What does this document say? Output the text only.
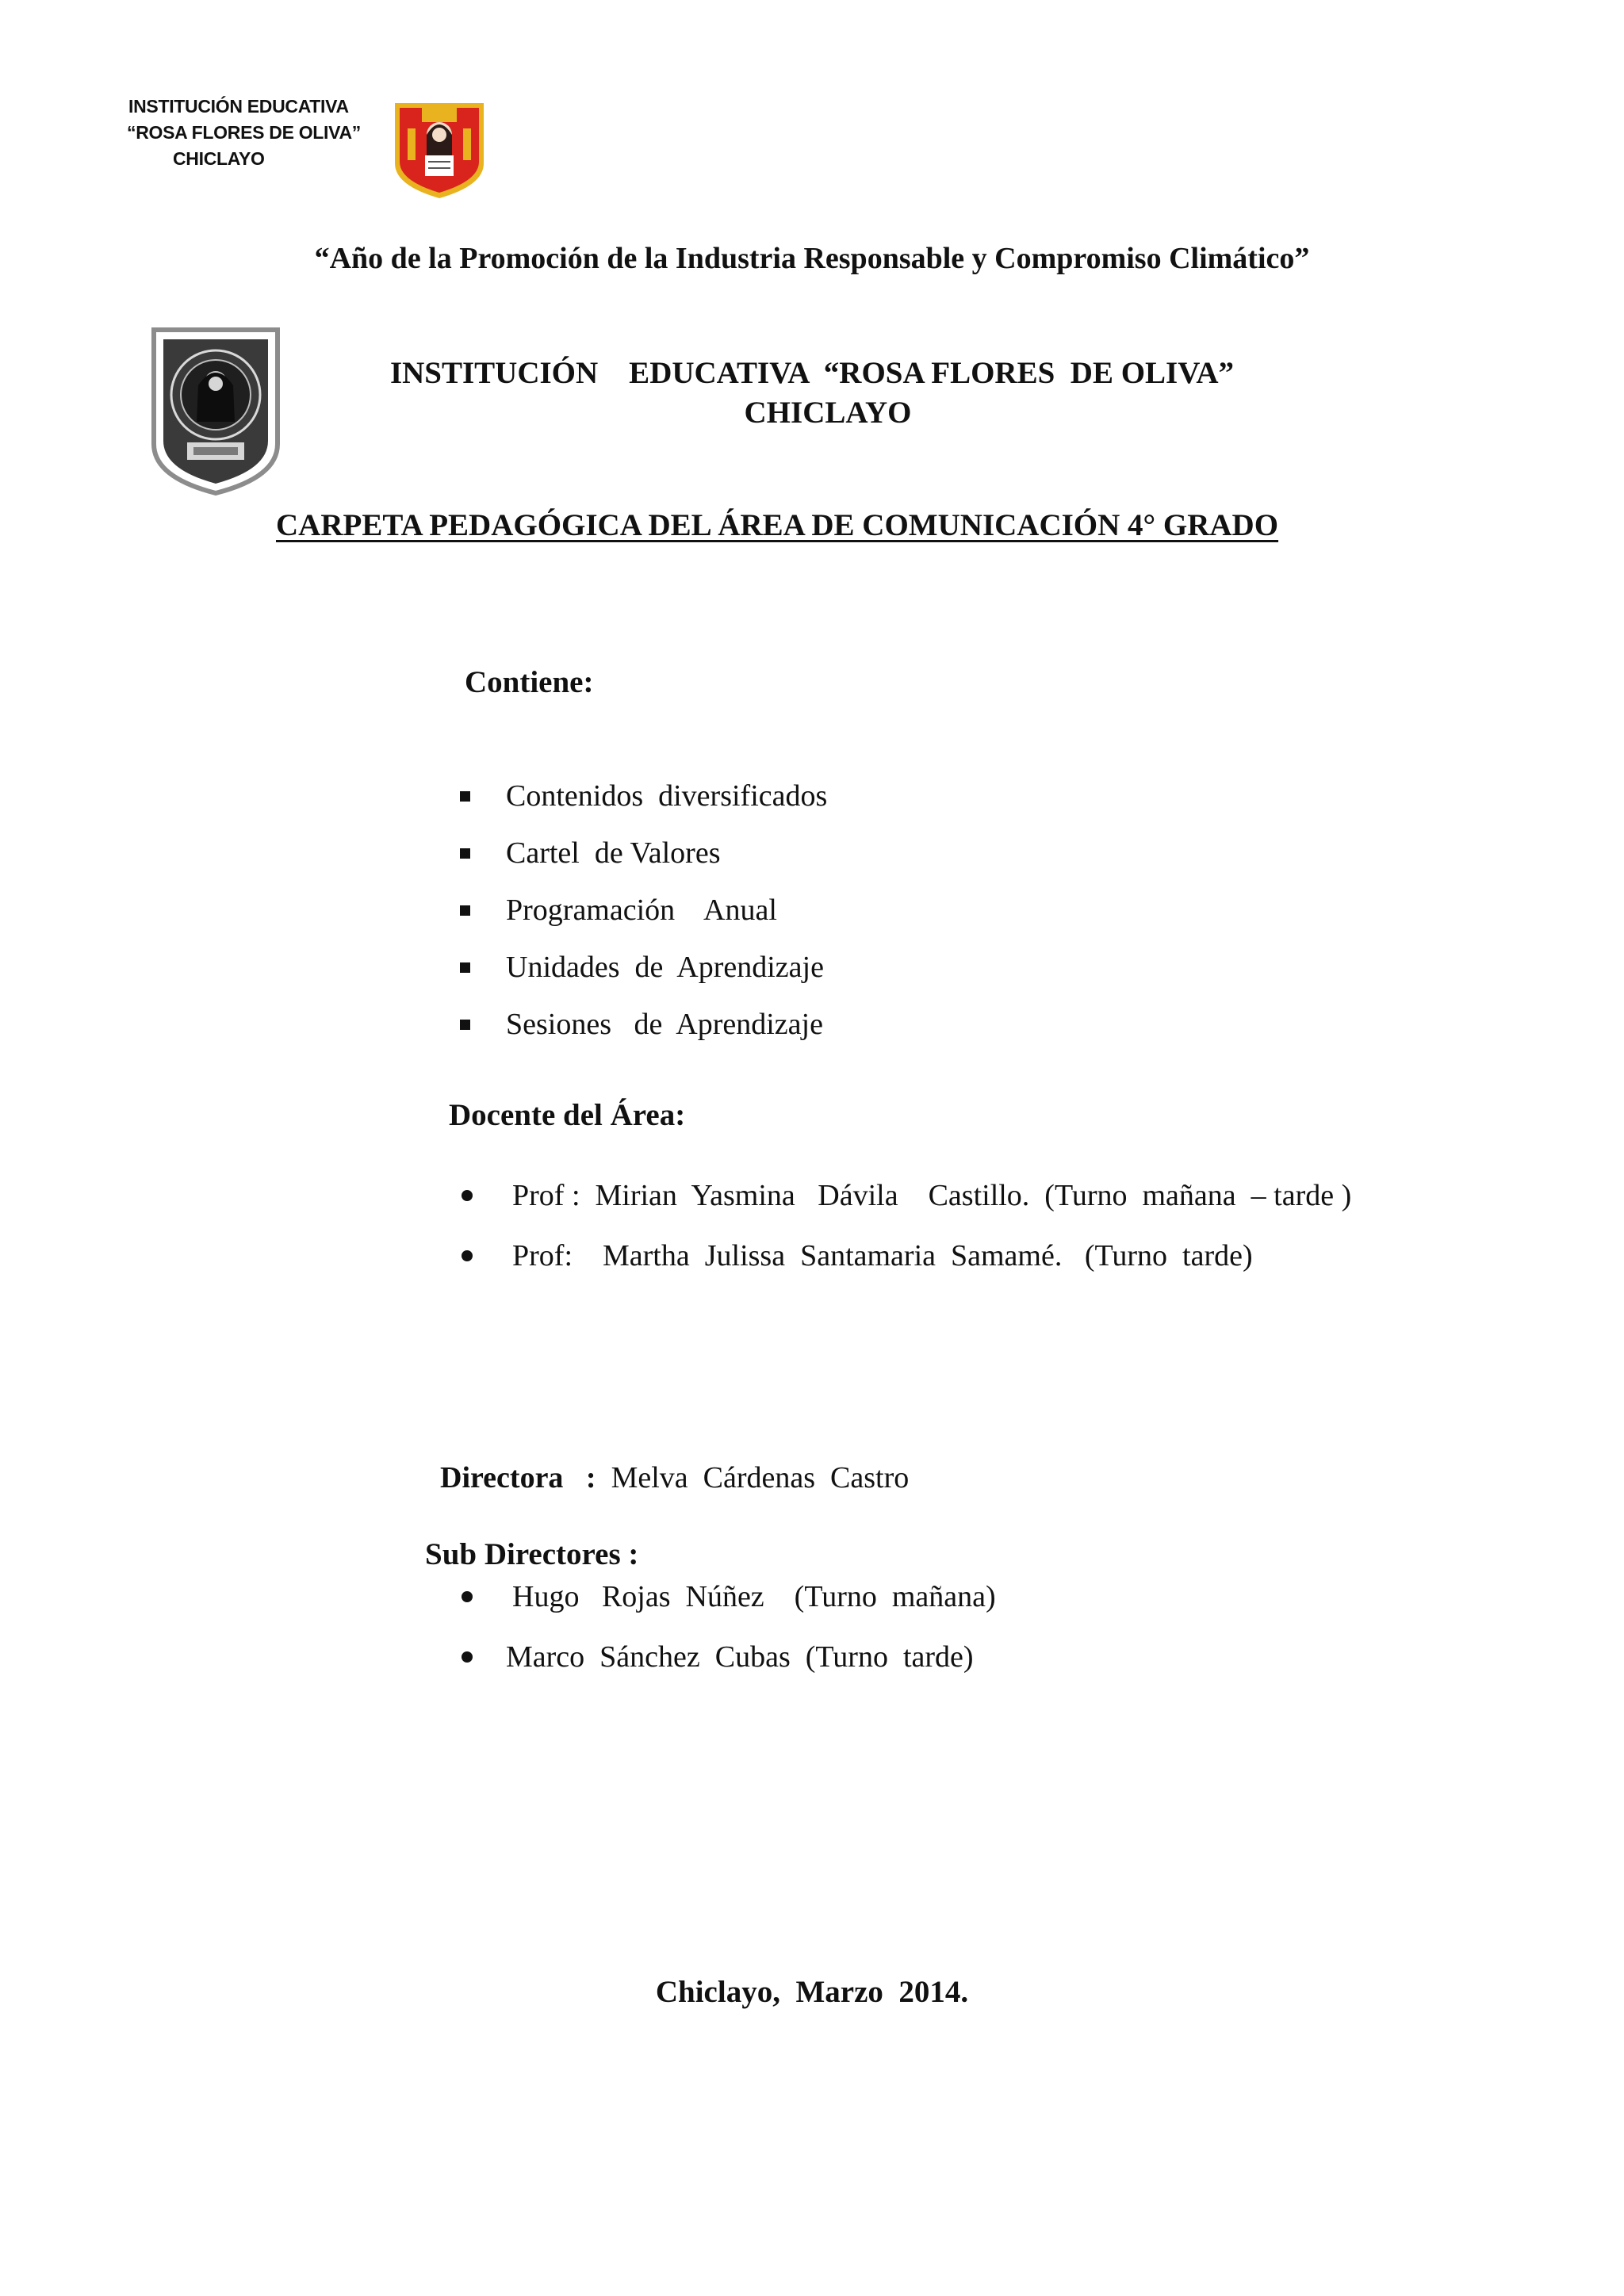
INSTITUCIÓN EDUCATIVA
“ROSA FLORES DE OLIVA”
CHICLAYO
“Año de la Promoción de la Industria Responsable y Compromiso Climático”
INSTITUCIÓN    EDUCATIVA  “ROSA FLORES  DE OLIVA”
CHICLAYO
CARPETA PEDAGÓGICA DEL ÁREA DE COMUNICACIÓN 4° GRADO
Contiene:
Contenidos  diversificados
Cartel  de Valores
Programación    Anual
Unidades  de  Aprendizaje
Sesiones   de  Aprendizaje
Docente del Área:
Prof :  Mirian  Yasmina   Dávila    Castillo.  (Turno  mañana  – tarde )
Prof:    Martha  Julissa  Santamaria  Samamé.   (Turno  tarde)

Directora   : Melva  Cárdenas  Castro

Sub Directores :
Hugo   Rojas  Núñez    (Turno  mañana)
Marco  Sánchez  Cubas  (Turno  tarde)
Chiclayo,  Marzo  2014.
